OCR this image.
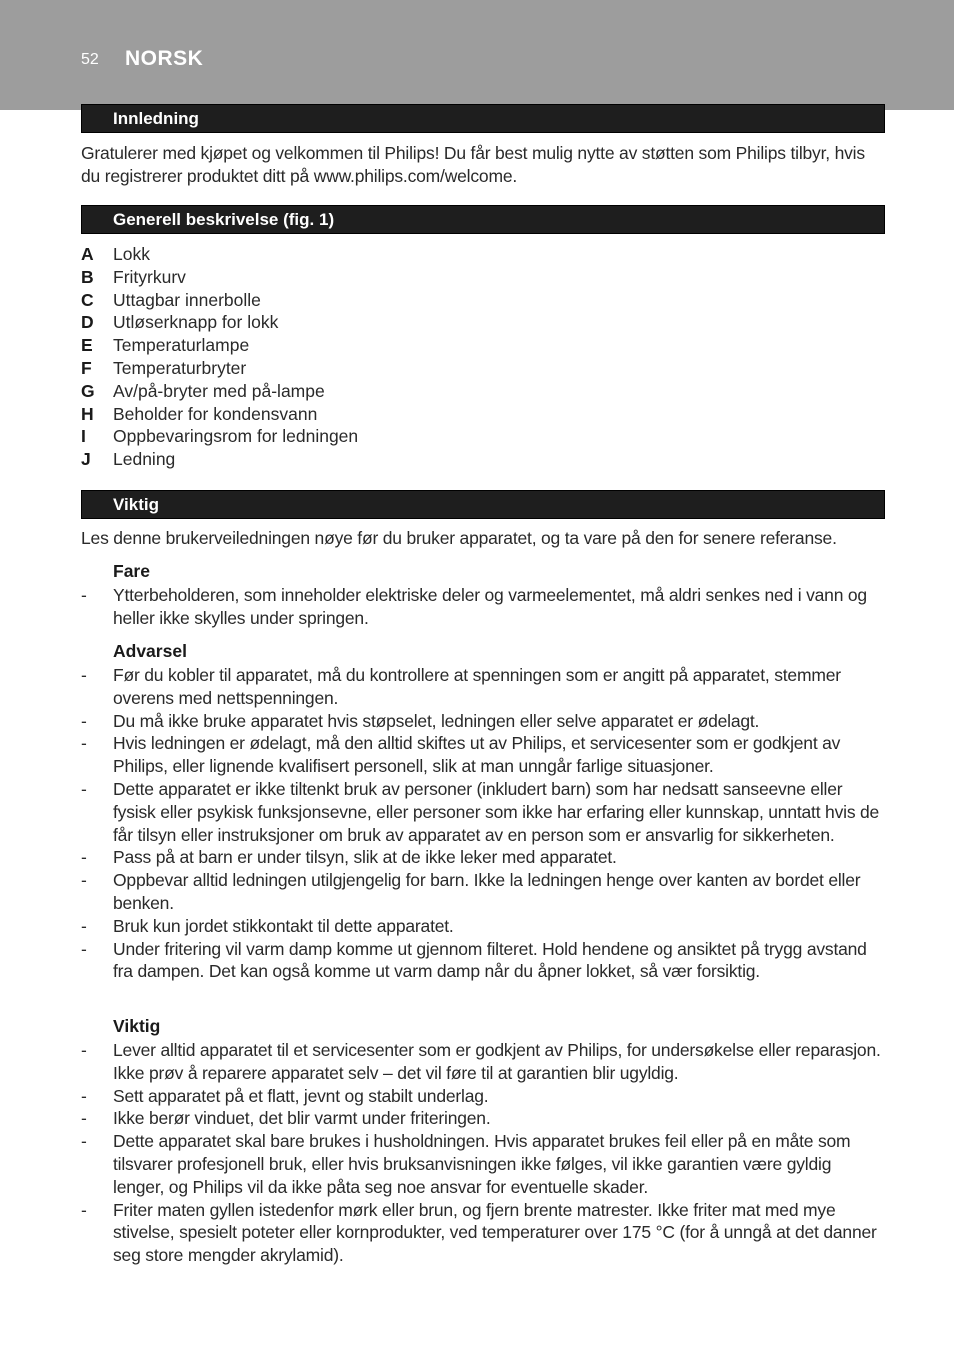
52 NORSK
Innledning

Gratulerer med kjøpet og velkommen til Philips! Du får best mulig nytte av støtten som Philips tilbyr, hvis du registrerer produktet ditt på www.philips.com/welcome.

Generell beskrivelse (fig. 1)
A Lokk
B Frityrkurv
C Uttagbar innerbolle
D Utløserknapp for lokk
E Temperaturlampe
F Temperaturbryter
G Av/på-bryter med på-lampe
H Beholder for kondensvann
I Oppbevaringsrom for ledningen
J Ledning
Viktig

Les denne brukerveiledningen nøye før du bruker apparatet, og ta vare på den for senere referanse.

Fare

- Ytterbeholderen, som inneholder elektriske deler og varmeelementet, må aldri senkes ned i vann og heller ikke skylles under springen.

Advarsel

- Før du kobler til apparatet, må du kontrollere at spenningen som er angitt på apparatet, stemmer overens med nettspenningen.
- Du må ikke bruke apparatet hvis støpselet, ledningen eller selve apparatet er ødelagt.
- Hvis ledningen er ødelagt, må den alltid skiftes ut av Philips, et servicesenter som er godkjent av Philips, eller lignende kvalifisert personell, slik at man unngår farlige situasjoner.
- Dette apparatet er ikke tiltenkt bruk av personer (inkludert barn) som har nedsatt sanseevne eller fysisk eller psykisk funksjonsevne, eller personer som ikke har erfaring eller kunnskap, unntatt hvis de får tilsyn eller instruksjoner om bruk av apparatet av en person som er ansvarlig for sikkerheten.
- Pass på at barn er under tilsyn, slik at de ikke leker med apparatet.
- Oppbevar alltid ledningen utilgjengelig for barn. Ikke la ledningen henge over kanten av bordet eller benken.
- Bruk kun jordet stikkontakt til dette apparatet.
- Under fritering vil varm damp komme ut gjennom filteret. Hold hendene og ansiktet på trygg avstand fra dampen. Det kan også komme ut varm damp når du åpner lokket, så vær forsiktig.

Viktig

- Lever alltid apparatet til et servicesenter som er godkjent av Philips, for undersøkelse eller reparasjon. Ikke prøv å reparere apparatet selv – det vil føre til at garantien blir ugyldig.
- Sett apparatet på et flatt, jevnt og stabilt underlag.
- Ikke berør vinduet, det blir varmt under friteringen.
- Dette apparatet skal bare brukes i husholdningen. Hvis apparatet brukes feil eller på en måte som tilsvarer profesjonell bruk, eller hvis bruksanvisningen ikke følges, vil ikke garantien være gyldig lenger, og Philips vil da ikke påta seg noe ansvar for eventuelle skader.
- Friter maten gyllen istedenfor mørk eller brun, og fjern brente matrester. Ikke friter mat med mye stivelse, spesielt poteter eller kornprodukter, ved temperaturer over 175 °C (for å unngå at det danner seg store mengder akrylamid).
